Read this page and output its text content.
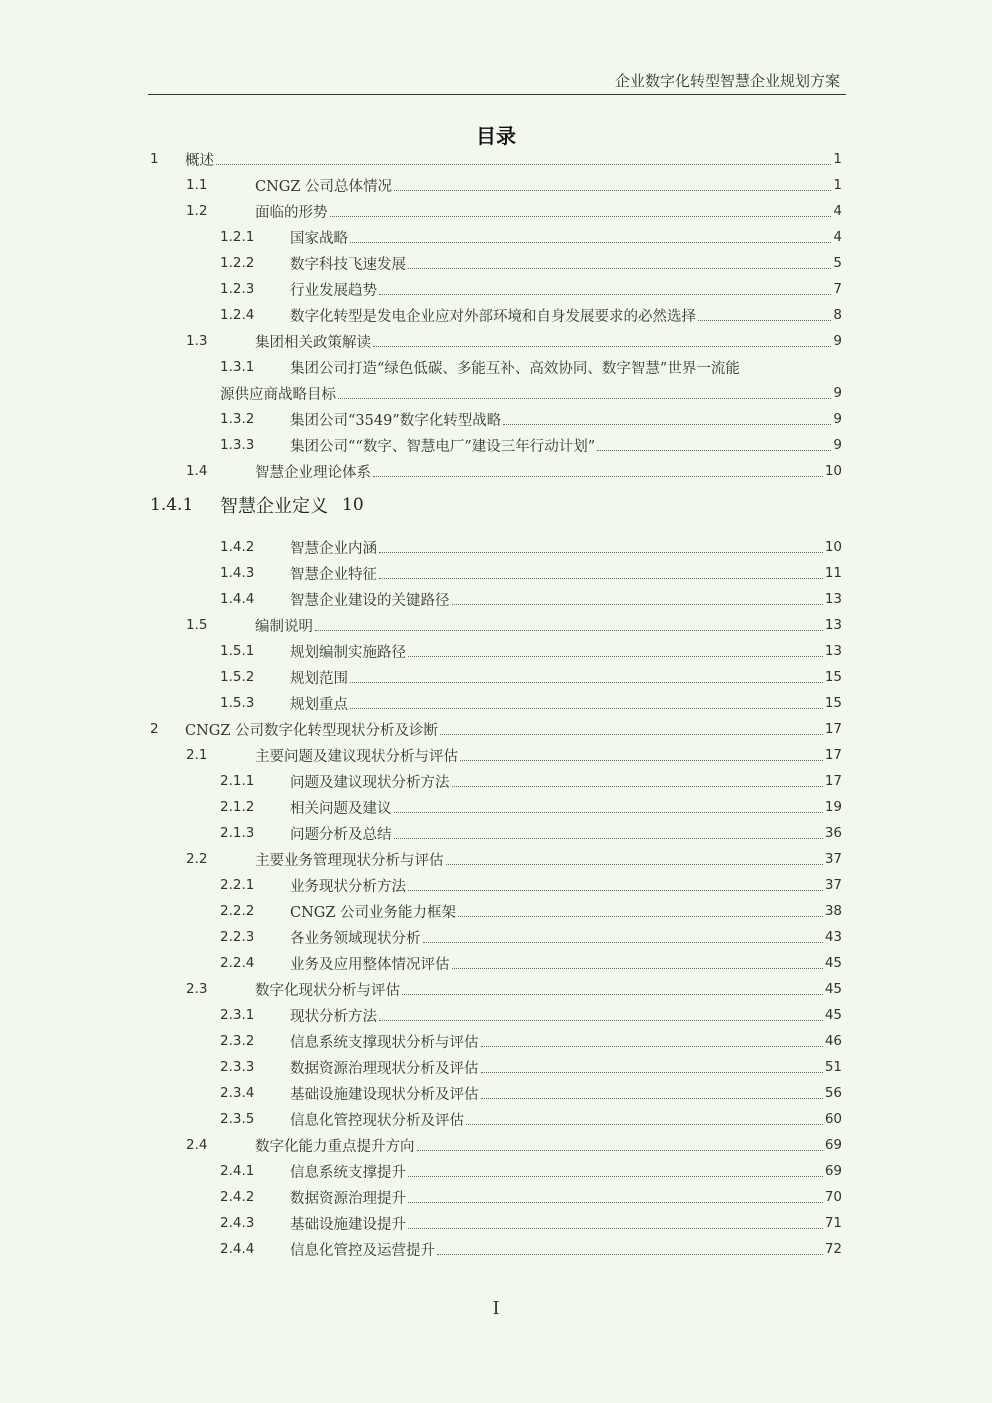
企业数字化转型智慧企业规划方案
目录
1	概述	1
1.1	CNGZ 公司总体情况	1
1.2	面临的形势	4
1.2.1	国家战略	4
1.2.2	数字科技飞速发展	5
1.2.3	行业发展趋势	7
1.2.4	数字化转型是发电企业应对外部环境和自身发展要求的必然选择	8
1.3	集团相关政策解读	9
1.3.1	集团公司打造“绿色低碳、多能互补、高效协同、数字智慧”世界一流能
源供应商战略目标	9
1.3.2	集团公司“3549”数字化转型战略	9
1.3.3	集团公司““数字、智慧电厂”建设三年行动计划”	9
1.4	智慧企业理论体系	10
1.4.1	智慧企业定义 10
1.4.2	智慧企业内涵	10
1.4.3	智慧企业特征	11
1.4.4	智慧企业建设的关键路径	13
1.5	编制说明	13
1.5.1	规划编制实施路径	13
1.5.2	规划范围	15
1.5.3	规划重点	15
2	CNGZ 公司数字化转型现状分析及诊断	17
2.1	主要问题及建议现状分析与评估	17
2.1.1	问题及建议现状分析方法	17
2.1.2	相关问题及建议	19
2.1.3	问题分析及总结	36
2.2	主要业务管理现状分析与评估	37
2.2.1	业务现状分析方法	37
2.2.2	CNGZ 公司业务能力框架	38
2.2.3	各业务领域现状分析	43
2.2.4	业务及应用整体情况评估	45
2.3	数字化现状分析与评估	45
2.3.1	现状分析方法	45
2.3.2	信息系统支撑现状分析与评估	46
2.3.3	数据资源治理现状分析及评估	51
2.3.4	基础设施建设现状分析及评估	56
2.3.5	信息化管控现状分析及评估	60
2.4	数字化能力重点提升方向	69
2.4.1	信息系统支撑提升	69
2.4.2	数据资源治理提升	70
2.4.3	基础设施建设提升	71
2.4.4	信息化管控及运营提升	72
I
